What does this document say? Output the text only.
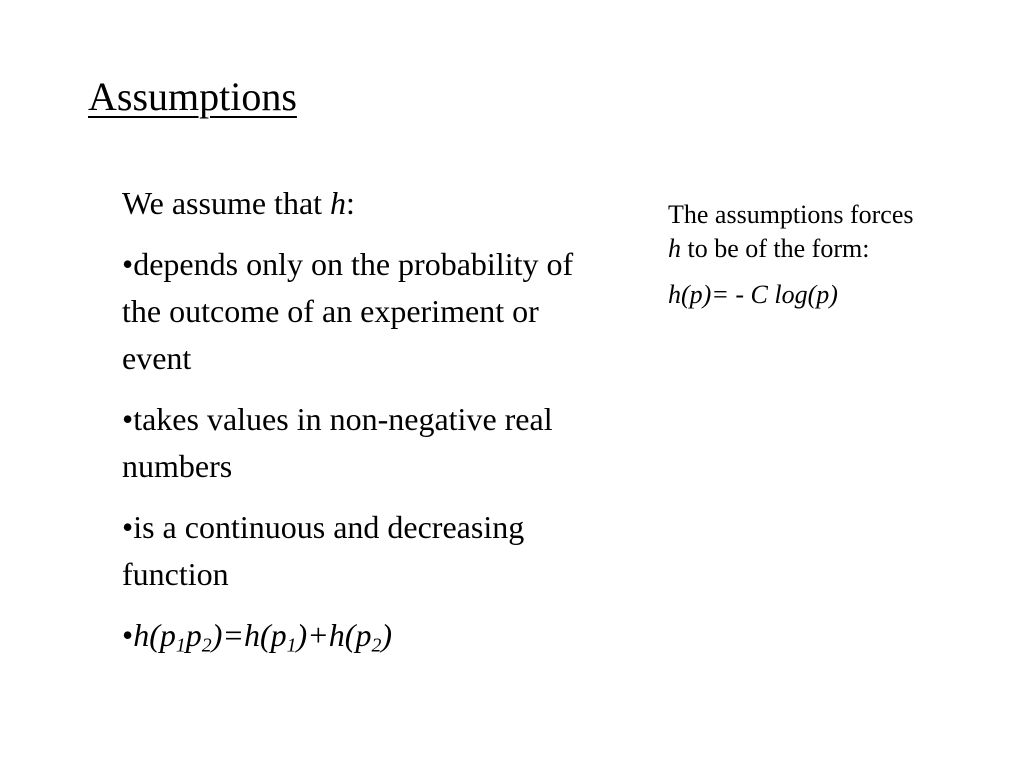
Assumptions

We assume that h:

•depends only on the probability of the outcome of an experiment or event

•takes values in non-negative real numbers

•is a continuous and decreasing function

$•h(p_1p_2)=h(p_1)+h(p_2)$

The assumptions forces h to be of the form:

h(p)= - C log(p)
